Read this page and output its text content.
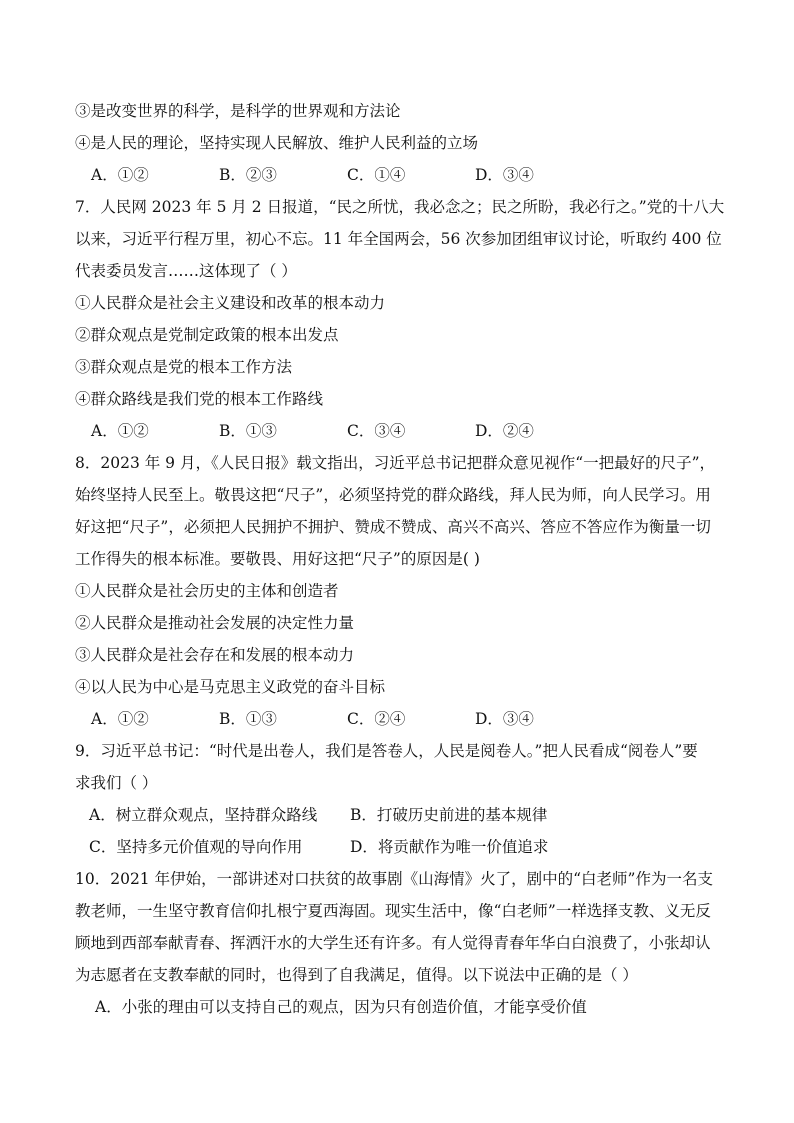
③是改变世界的科学，是科学的世界观和方法论
④是人民的理论，坚持实现人民解放、维护人民利益的立场
A．①②	B．②③	C．①④	D．③④
7．人民网 2023 年 5 月 2 日报道，“民之所忧，我必念之；民之所盼，我必行之。”党的十八大
以来，习近平行程万里，初心不忘。11 年全国两会，56 次参加团组审议讨论，听取约 400 位
代表委员发言……这体现了（ ）
①人民群众是社会主义建设和改革的根本动力
②群众观点是党制定政策的根本出发点
③群众观点是党的根本工作方法
④群众路线是我们党的根本工作路线
A．①②	B．①③	C．③④	D．②④
8．2023 年 9 月，《人民日报》载文指出，习近平总书记把群众意见视作“一把最好的尺子”，
始终坚持人民至上。敬畏这把“尺子”，必须坚持党的群众路线，拜人民为师，向人民学习。用
好这把“尺子”，必须把人民拥护不拥护、赞成不赞成、高兴不高兴、答应不答应作为衡量一切
工作得失的根本标准。要敬畏、用好这把“尺子”的原因是( )
①人民群众是社会历史的主体和创造者
②人民群众是推动社会发展的决定性力量
③人民群众是社会存在和发展的根本动力
④以人民为中心是马克思主义政党的奋斗目标
A．①②	B．①③	C．②④	D．③④
9．习近平总书记：“时代是出卷人，我们是答卷人，人民是阅卷人。”把人民看成“阅卷人”要
求我们（ ）
A．树立群众观点，坚持群众路线 B．打破历史前进的基本规律
C．坚持多元价值观的导向作用	D．将贡献作为唯一价值追求
10．2021 年伊始，一部讲述对口扶贫的故事剧《山海情》火了，剧中的“白老师”作为一名支
教老师，一生坚守教育信仰扎根宁夏西海固。现实生活中，像“白老师”一样选择支教、义无反
顾地到西部奉献青春、挥洒汗水的大学生还有许多。有人觉得青春年华白白浪费了，小张却认
为志愿者在支教奉献的同时，也得到了自我满足，值得。以下说法中正确的是（ ）
A．小张的理由可以支持自己的观点，因为只有创造价值，才能享受价值
